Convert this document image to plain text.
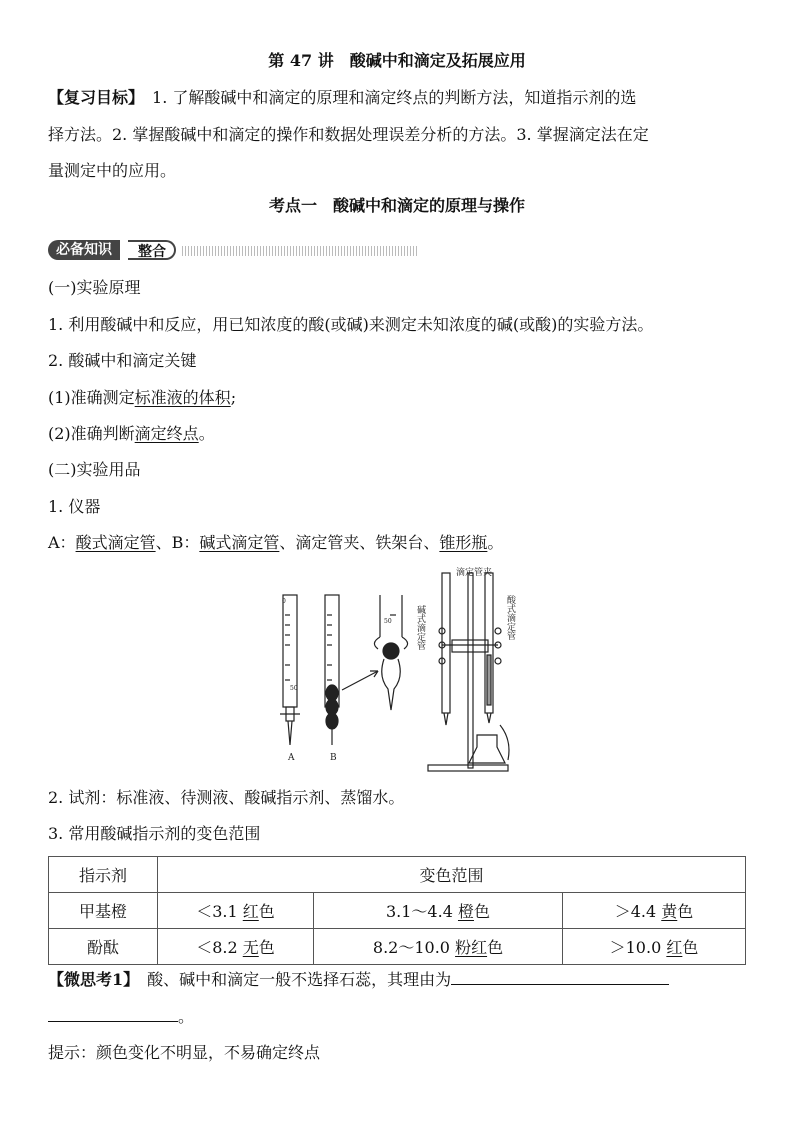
第 47 讲　酸碱中和滴定及拓展应用
【复习目标】　1. 了解酸碱中和滴定的原理和滴定终点的判断方法，知道指示剂的选
择方法。2. 掌握酸碱中和滴定的操作和数据处理误差分析的方法。3. 掌握滴定法在定
量测定中的应用。
考点一　酸碱中和滴定的原理与操作
必备知识	整合
(一)实验原理
1. 利用酸碱中和反应，用已知浓度的酸(或碱)来测定未知浓度的碱(或酸)的实验方法。
2. 酸碱中和滴定关键
(1)准确测定标准液的体积;
(2)准确判断滴定终点。
(二)实验用品
1. 仪器
A：酸式滴定管、B：碱式滴定管、滴定管夹、铁架台、锥形瓶。
0
50
50
A	B
滴定管夹
碱式滴定管	酸式滴定管
2. 试剂：标准液、待测液、酸碱指示剂、蒸馏水。
3. 常用酸碱指示剂的变色范围
指示剂	变色范围		
甲基橙	＜3.1 红色	3.1～4.4 橙色	＞4.4 黄色
酚酞	＜8.2 无色	8.2～10.0 粉红色	＞10.0 红色
【微思考1】　酸、碱中和滴定一般不选择石蕊，其理由为
。
提示：颜色变化不明显，不易确定终点
